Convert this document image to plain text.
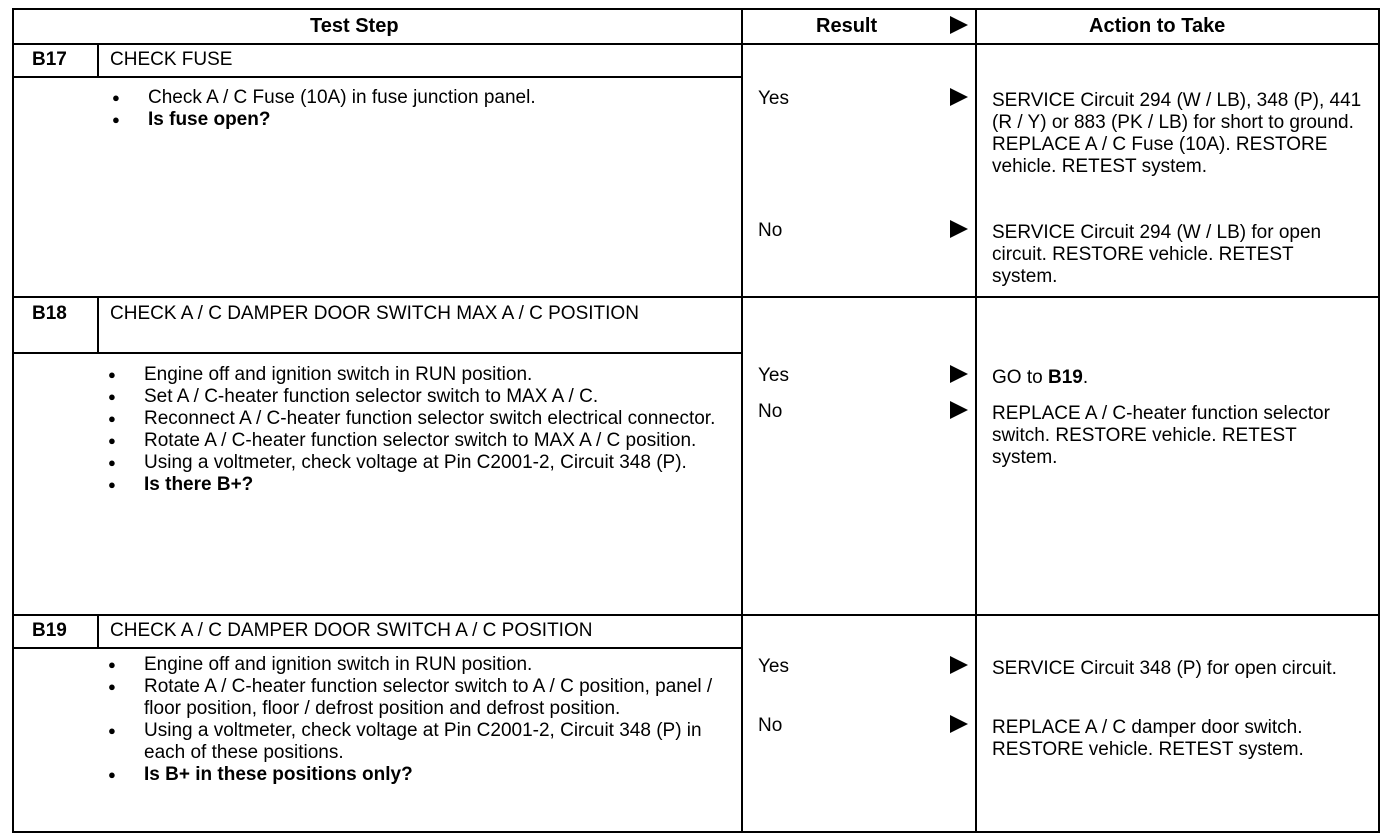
Test Step	Result	Action to Take
B17 CHECK FUSE
● Check A / C Fuse (10A) in fuse junction panel.
● Is fuse open?
Yes	SERVICE Circuit 294 (W / LB), 348 (P), 441 (R / Y) or 883 (PK / LB) for short to ground. REPLACE A / C Fuse (10A). RESTORE vehicle. RETEST system.
No	SERVICE Circuit 294 (W / LB) for open circuit. RESTORE vehicle. RETEST system.
B18 CHECK A / C DAMPER DOOR SWITCH MAX A / C POSITION
● Engine off and ignition switch in RUN position.
● Set A / C-heater function selector switch to MAX A / C.
● Reconnect A / C-heater function selector switch electrical connector.
● Rotate A / C-heater function selector switch to MAX A / C position.
● Using a voltmeter, check voltage at Pin C2001-2, Circuit 348 (P).
● Is there B+?
Yes	GO to B19.
No	REPLACE A / C-heater function selector switch. RESTORE vehicle. RETEST system.
B19 CHECK A / C DAMPER DOOR SWITCH A / C POSITION
● Engine off and ignition switch in RUN position.
● Rotate A / C-heater function selector switch to A / C position, panel / floor position, floor / defrost position and defrost position.
● Using a voltmeter, check voltage at Pin C2001-2, Circuit 348 (P) in each of these positions.
● Is B+ in these positions only?
Yes	SERVICE Circuit 348 (P) for open circuit.
No	REPLACE A / C damper door switch. RESTORE vehicle. RETEST system.
